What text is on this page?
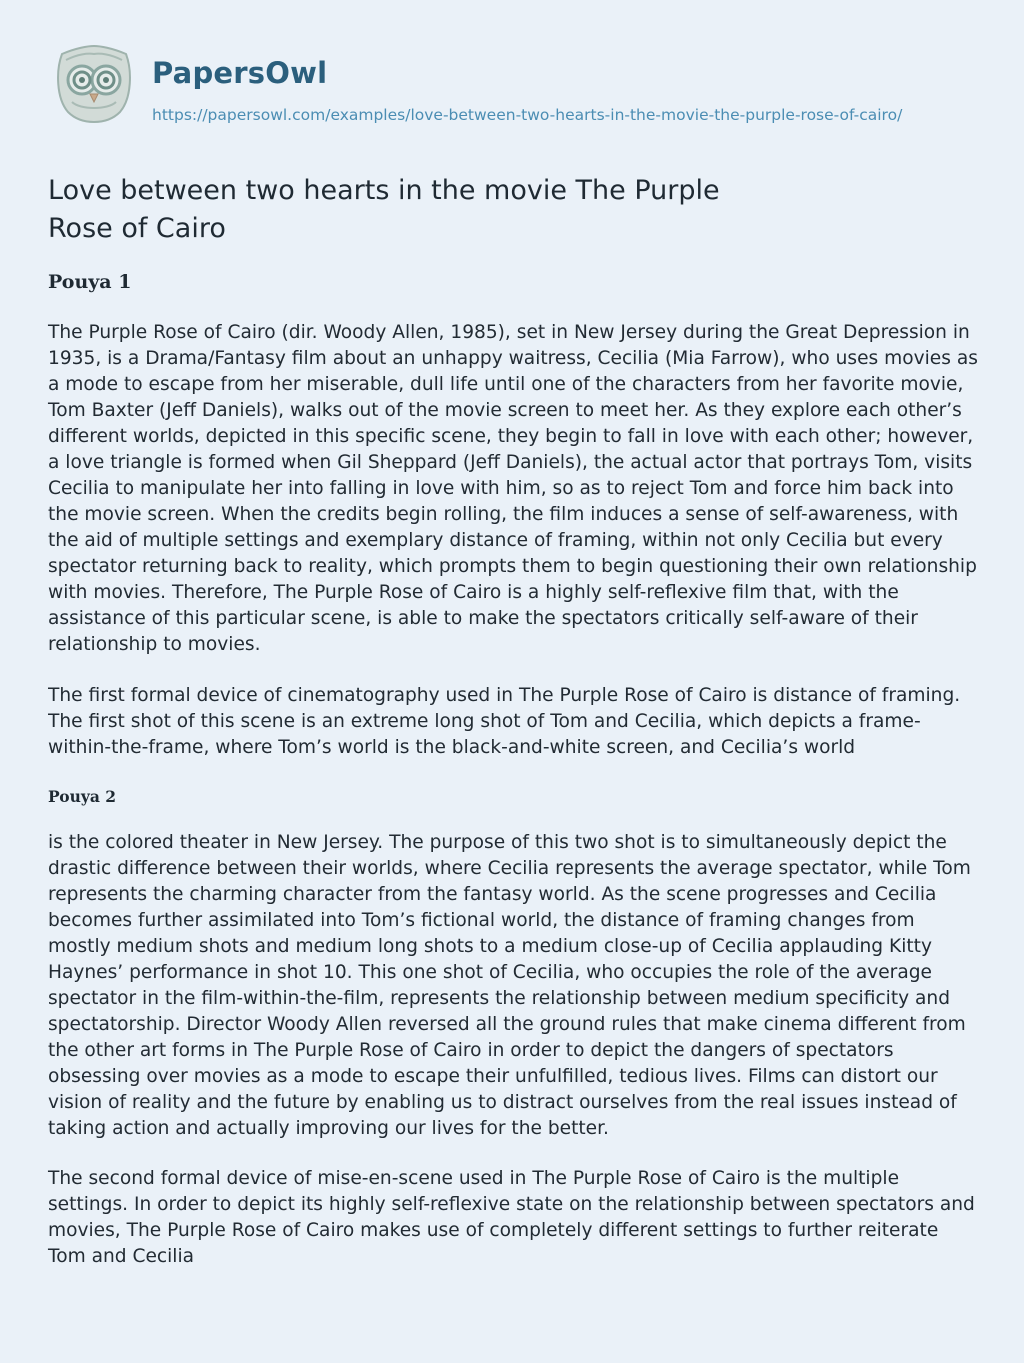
PapersOwl
https://papersowl.com/examples/love-between-two-hearts-in-the-movie-the-purple-rose-of-cairo/
Love between two hearts in the movie The Purple Rose of Cairo
Pouya 1

The Purple Rose of Cairo (dir. Woody Allen, 1985), set in New Jersey during the Great Depression in 1935, is a Drama/Fantasy film about an unhappy waitress, Cecilia (Mia Farrow), who uses movies as a mode to escape from her miserable, dull life until one of the characters from her favorite movie, Tom Baxter (Jeff Daniels), walks out of the movie screen to meet her. As they explore each other’s different worlds, depicted in this specific scene, they begin to fall in love with each other; however, a love triangle is formed when Gil Sheppard (Jeff Daniels), the actual actor that portrays Tom, visits Cecilia to manipulate her into falling in love with him, so as to reject Tom and force him back into the movie screen. When the credits begin rolling, the film induces a sense of self-awareness, with the aid of multiple settings and exemplary distance of framing, within not only Cecilia but every spectator returning back to reality, which prompts them to begin questioning their own relationship with movies. Therefore, The Purple Rose of Cairo is a highly self-reflexive film that, with the assistance of this particular scene, is able to make the spectators critically self-aware of their relationship to movies.

The first formal device of cinematography used in The Purple Rose of Cairo is distance of framing. The first shot of this scene is an extreme long shot of Tom and Cecilia, which depicts a frame-within-the-frame, where Tom’s world is the black-and-white screen, and Cecilia’s world

Pouya 2

is the colored theater in New Jersey. The purpose of this two shot is to simultaneously depict the drastic difference between their worlds, where Cecilia represents the average spectator, while Tom represents the charming character from the fantasy world. As the scene progresses and Cecilia becomes further assimilated into Tom’s fictional world, the distance of framing changes from mostly medium shots and medium long shots to a medium close-up of Cecilia applauding Kitty Haynes’ performance in shot 10. This one shot of Cecilia, who occupies the role of the average spectator in the film-within-the-film, represents the relationship between medium specificity and spectatorship. Director Woody Allen reversed all the ground rules that make cinema different from the other art forms in The Purple Rose of Cairo in order to depict the dangers of spectators obsessing over movies as a mode to escape their unfulfilled, tedious lives. Films can distort our vision of reality and the future by enabling us to distract ourselves from the real issues instead of taking action and actually improving our lives for the better.

The second formal device of mise-en-scene used in The Purple Rose of Cairo is the multiple settings. In order to depict its highly self-reflexive state on the relationship between spectators and movies, The Purple Rose of Cairo makes use of completely different settings to further reiterate Tom and Cecilia
